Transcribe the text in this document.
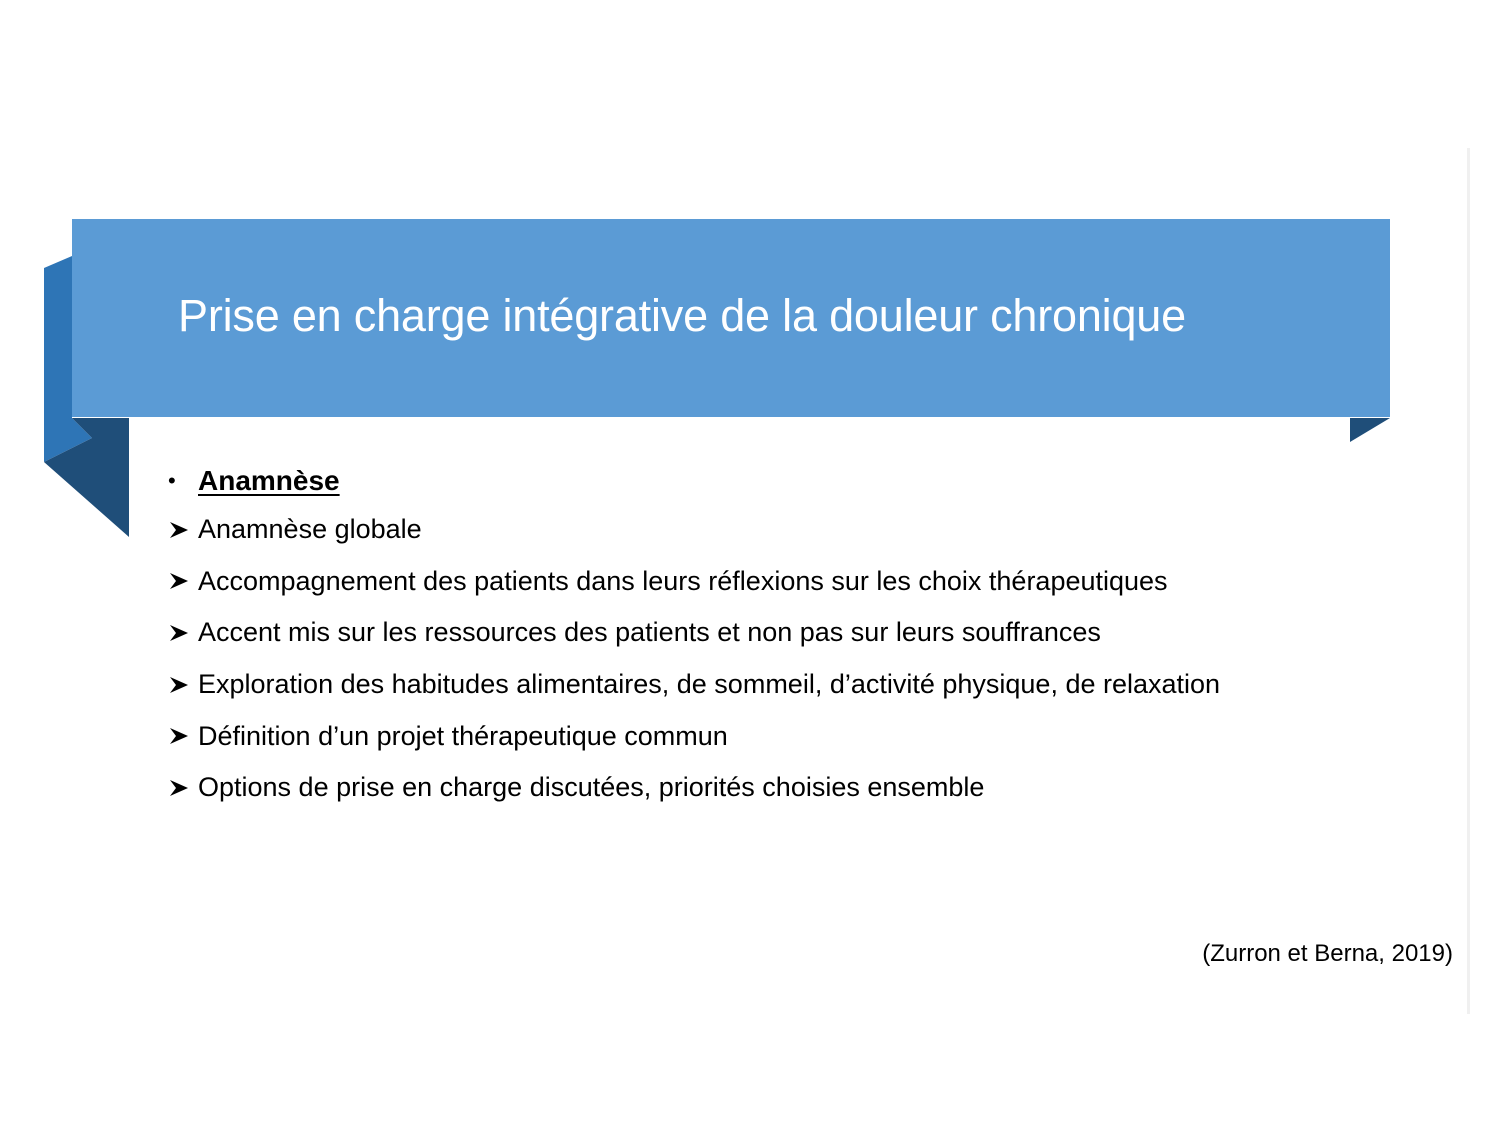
Prise en charge intégrative de la douleur chronique
• Anamnèse
Anamnèse globale
Accompagnement des patients dans leurs réflexions sur les choix thérapeutiques
Accent mis sur les ressources des patients et non pas sur leurs souffrances
Exploration des habitudes alimentaires, de sommeil, d’activité physique, de relaxation
Définition d’un projet thérapeutique commun
Options de prise en charge discutées, priorités choisies ensemble
(Zurron et Berna, 2019)
